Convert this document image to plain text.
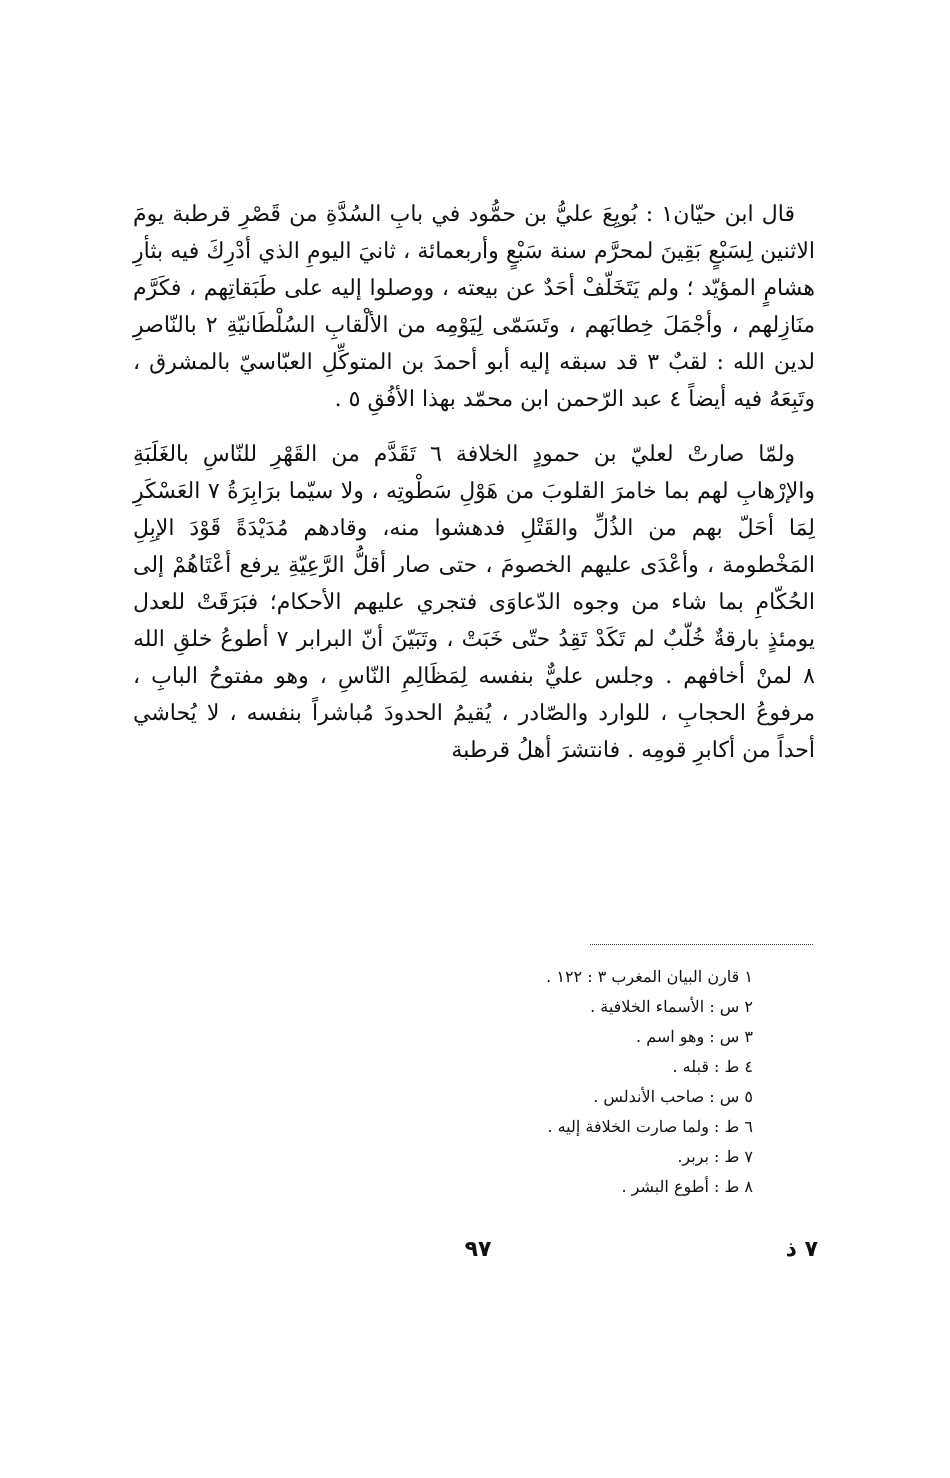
قال ابن حيّان١ : بُويِعَ عليُّ بن حمُّود في بابِ السُدَّةِ من قَصْرِ قرطبة يومَ الاثنين لِسَبْعٍ بَقِينَ لمحرَّم سنة سَبْعٍ وأربعمائة ، ثانيَ اليومِ الذي أدْرِكَ فيه بثأرِ هشامٍ المؤيّد ؛ ولم يَتَخَلّفْ أحَدٌ عن بيعته ، ووصلوا إليه على طَبَقاتِهم ، فكَرَّم منَازِلهم ، وأجْمَلَ خِطابَهم ، وتَسَمّى لِيَوْمِه من الألْقابِ السُلْطَانيّةِ ٢ بالنّاصرِ لدين الله : لقبٌ ٣ قد سبقه إليه أبو أحمدَ بن المتوكِّلِ العبّاسيّ بالمشرق ، وتَبِعَهُ فيه أيضاً ٤ عبد الرّحمن ابن محمّد بهذا الأفُقِ ٥ .

ولمّا صارتْ لعليّ بن حمودٍ الخلافة ٦ تَقَدَّم من القَهْرِ للنّاسِ بالغَلَبَةِ والإرْهابِ لهم بما خامرَ القلوبَ من هَوْلِ سَطْوتِه ، ولا سيّما برَابِرَةُ ٧ العَسْكَرِ لِمَا أحَلّ بهم من الذُلِّ والقَتْلِ فدهشوا منه، وقادهم مُدَيْدَةً قَوْدَ الإبِلِ المَخْطومة ، وأعْدَى عليهم الخصومَ ، حتى صار أقلُّ الرَّعِيّةِ يرفع أعْتَاهُمْ إلى الحُكّامِ بما شاء من وجوه الدّعاوَى فتجري عليهم الأحكام؛ فبَرَقَتْ للعدل يومئذٍ بارقةٌ خُلّبٌ لم تَكَدْ تَقِدُ حتّى خَبَتْ ، وتَبَيّنَ أنّ البرابر ٧ أطوعُ خلقِ الله ٨ لمنْ أخافهم . وجلس عليٌّ بنفسه لِمَظَالِمِ النّاسِ ، وهو مفتوحُ البابِ ، مرفوعُ الحجابِ ، للوارد والصّادر ، يُقيمُ الحدودَ مُباشراً بنفسه ، لا يُحاشي أحداً من أكابرِ قومِه . فانتشرَ أهلُ قرطبة

١ قارن البيان المغرب ٣ : ١٢٢ .
٢ س : الأسماء الخلافية .
٣ س : وهو اسم .
٤ ط : قبله .
٥ س : صاحب الأندلس .
٦ ط : ولما صارت الخلافة إليه .
٧ ط : بربر.
٨ ط : أطوع البشر .
٩٧	٧ ذ
